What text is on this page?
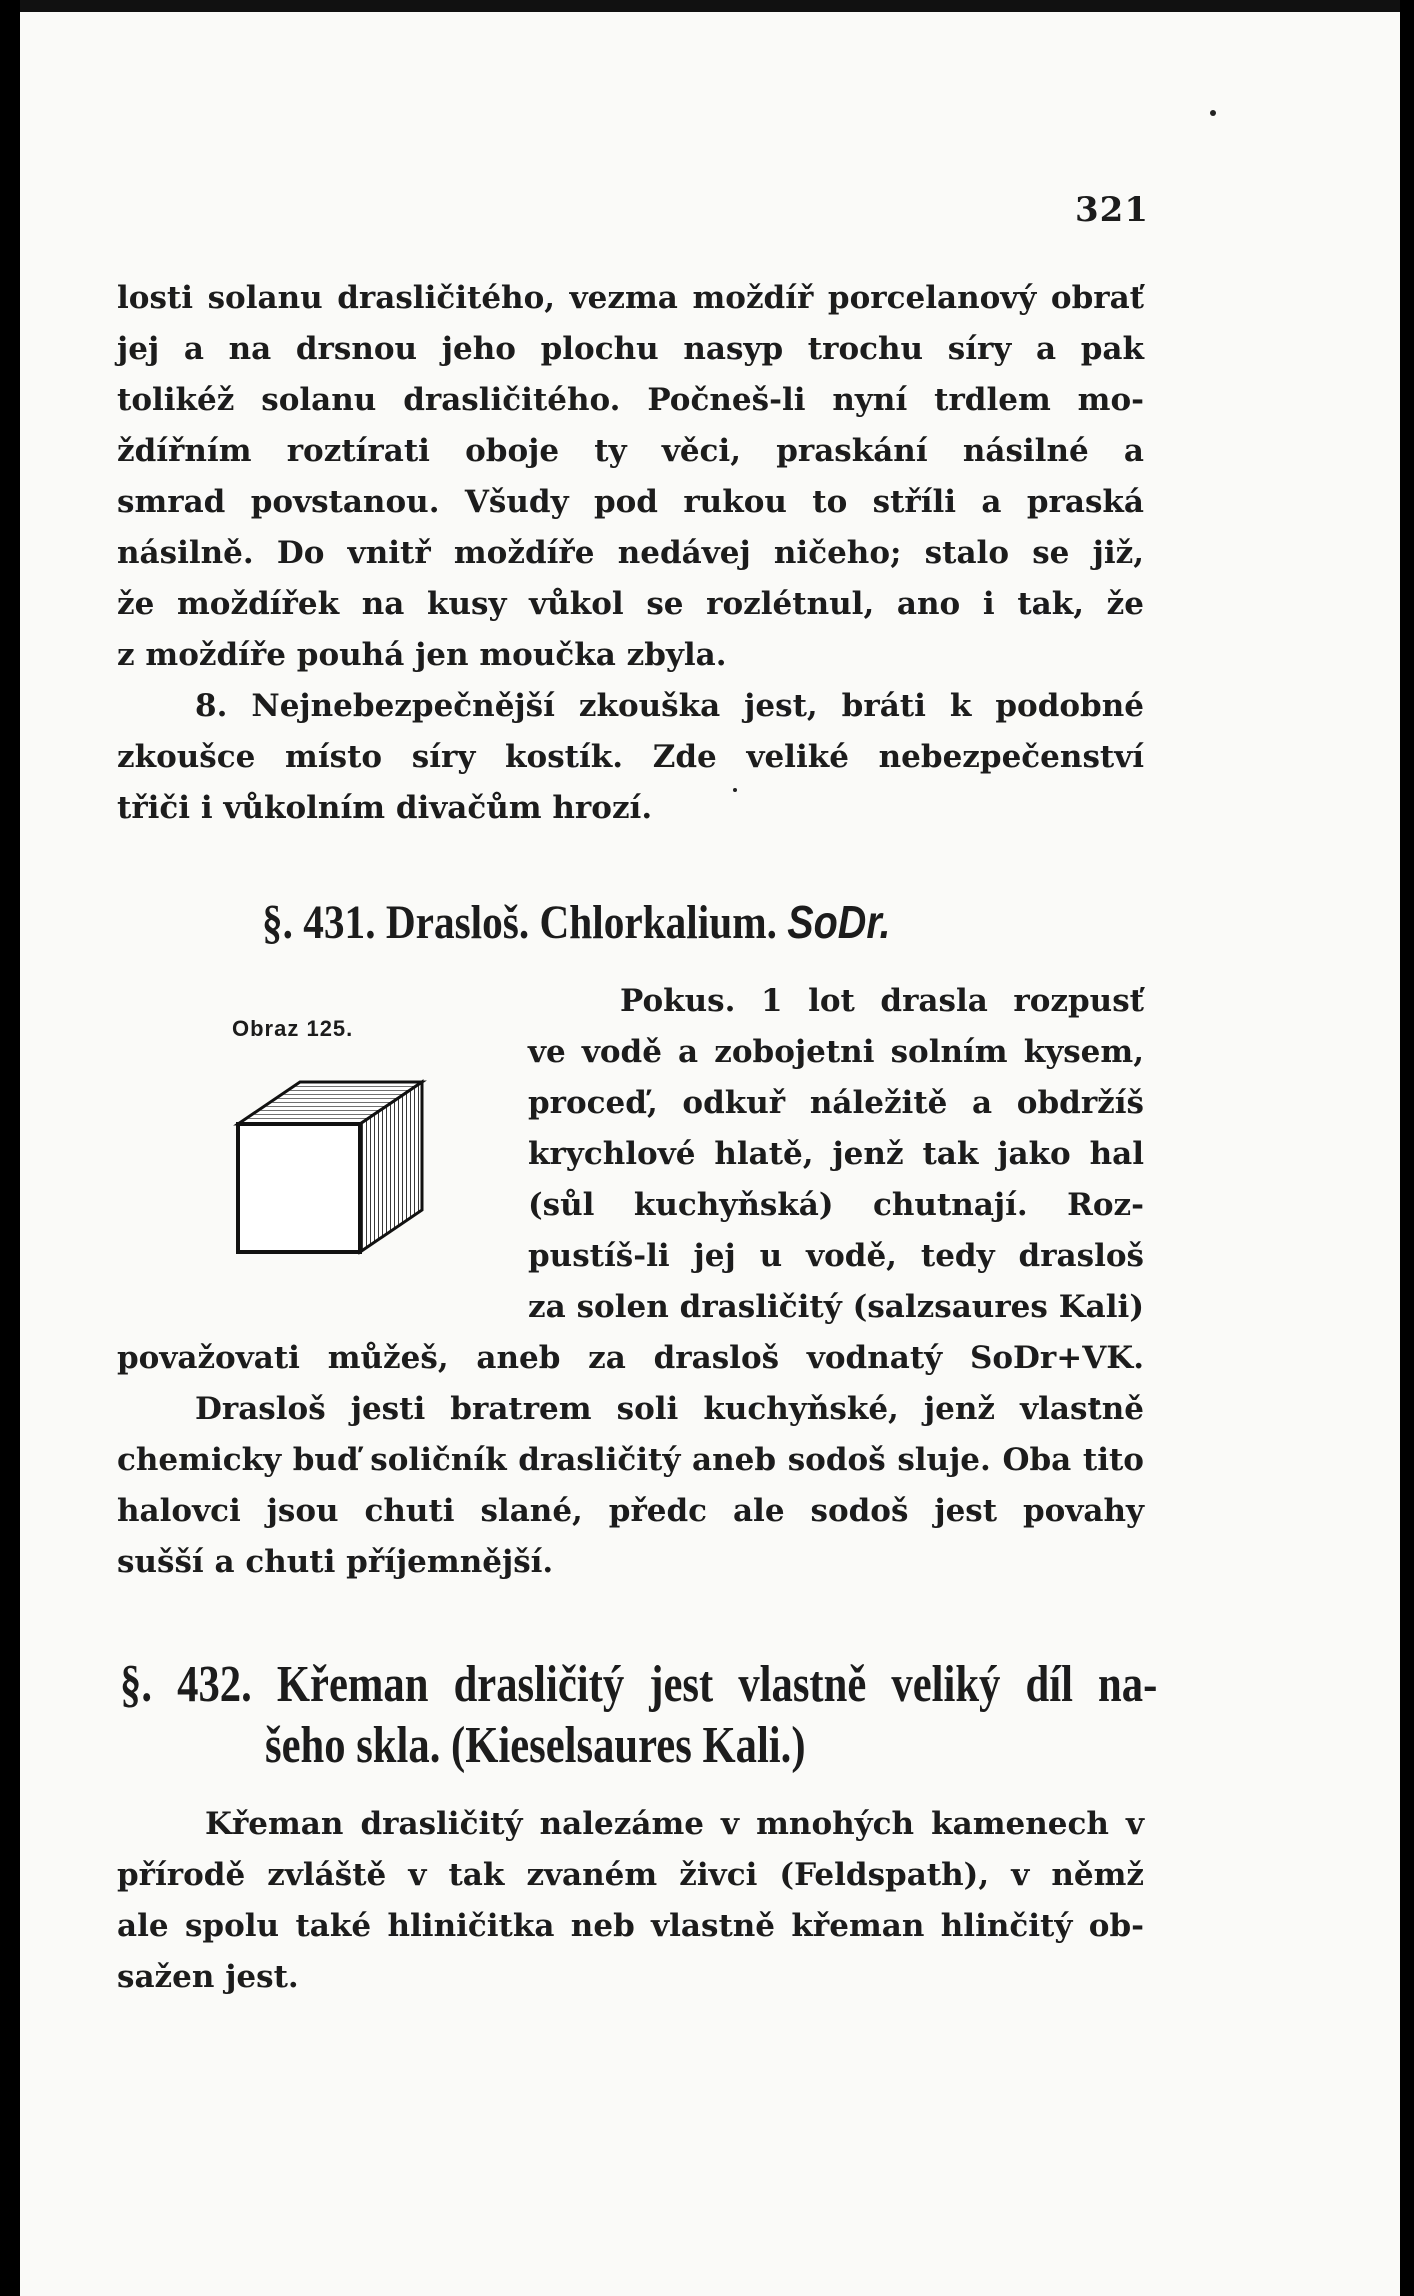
321
losti solanu drasličitého, vezma moždíř porcelanový obrať
jej a na drsnou jeho plochu nasyp trochu síry a pak
tolikéž solanu drasličitého. Počneš-li nyní trdlem mo-
ždířním roztírati oboje ty věci, praskání násilné a
smrad povstanou. Všudy pod rukou to stříli a praská
násilně. Do vnitř moždíře nedávej ničeho; stalo se již,
že moždířek na kusy vůkol se rozlétnul, ano i tak, že
z moždíře pouhá jen moučka zbyla.
8. Nejnebezpečnější zkouška jest, bráti k podobné
zkoušce místo síry kostík. Zde veliké nebezpečenství
třiči i vůkolním divačům hrozí.
§. 431. Drasloš. Chlorkalium. SoDr.
Obraz 125.
Pokus. 1 lot drasla rozpusť
ve vodě a zobojetni solním kysem,
proceď, odkuř náležitě a obdržíš
krychlové hlatě, jenž tak jako hal
(sůl kuchyňská) chutnají. Roz-
pustíš-li jej u vodě, tedy drasloš
za solen drasličitý (salzsaures Kali)
považovati můžeš, aneb za drasloš vodnatý SoDr+VK.
Drasloš jesti bratrem soli kuchyňské, jenž vlastně
chemicky buď soličník drasličitý aneb sodoš sluje. Oba tito
halovci jsou chuti slané, předc ale sodoš jest povahy
sušší a chuti příjemnější.
§. 432. Křeman drasličitý jest vlastně veliký díl na-
šeho skla. (Kieselsaures Kali.)
Křeman drasličitý nalezáme v mnohých kamenech v
přírodě zvláště v tak zvaném živci (Feldspath), v němž
ale spolu také hliničitka neb vlastně křeman hlinčitý ob-
sažen jest.
